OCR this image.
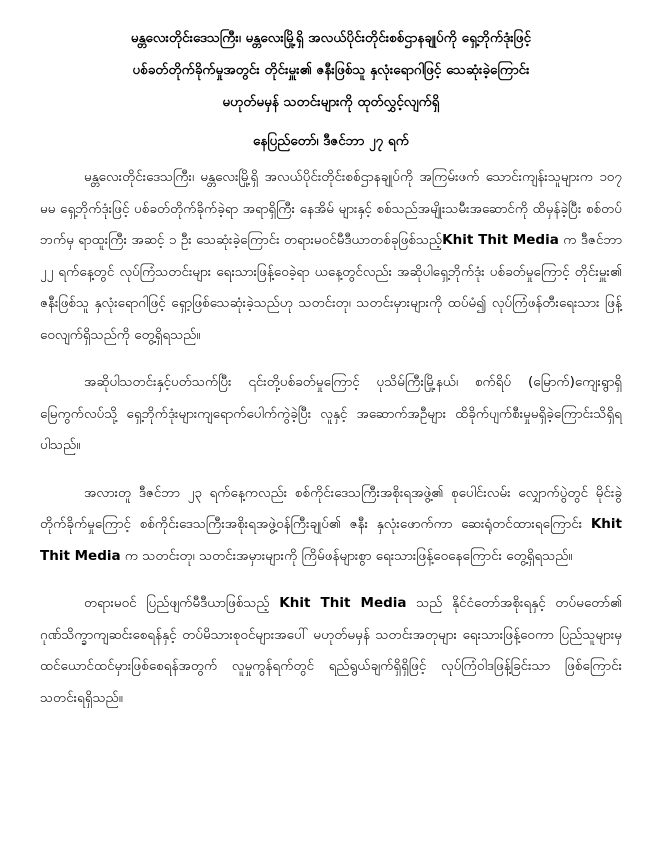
မန္တလေးတိုင်းဒေသကြီး၊ မန္တလေးမြို့ရှိ အလယ်ပိုင်းတိုင်းစစ်ဌာနချုပ်ကို ရှေ့ဘိုက်ဒုံးဖြင့်

ပစ်ခတ်တိုက်ခိုက်မှုအတွင်း တိုင်းမှူး၏ ဇနီးဖြစ်သူ နှလုံးရောဂါဖြင့် သေဆုံးခဲ့ကြောင်း

မဟုတ်မမှန် သတင်းများကို ထုတ်လွှင့်လျက်ရှိ

နေပြည်တော်၊ ဒီဇင်ဘာ ၂၇ ရက်

မန္တလေးတိုင်းဒေသကြီး၊ မန္တလေးမြို့ရှိ အလယ်ပိုင်းတိုင်းစစ်ဌာနချုပ်ကို အကြမ်းဖက် သောင်းကျန်းသူများက ၁၀၇ မမ ရှေ့ဘိုက်ဒုံးဖြင့် ပစ်ခတ်တိုက်ခိုက်ခဲ့ရာ အရာရှိကြီး နေအိမ် များနှင့် စစ်သည်အမျိုးသမီးအဆောင်ကို ထိမှန်ခဲ့ပြီး စစ်တပ်ဘက်မှ ရာထူးကြီး အဆင့် ၁ ဦး သေဆုံးခဲ့ကြောင်း တရားမဝင်မီဒီယာတစ်ခုဖြစ်သည့်Khit Thit Media က ဒီဇင်ဘာ ၂၂ ရက်နေ့တွင် လုပ်ကြံသတင်းများ ရေးသားဖြန့်ဝေခဲ့ရာ ယနေ့တွင်လည်း အဆိုပါရှေ့ဘိုက်ဒုံး ပစ်ခတ်မှုကြောင့် တိုင်းမှူး၏ ဇနီးဖြစ်သူ နှလုံးရောဂါဖြင့် ရှော့ဖြစ်သေဆုံးခဲ့သည်ဟု သတင်းတု၊ သတင်းမှားများကို ထပ်မံ၍ လုပ်ကြံဖန်တီးရေးသား ဖြန့်ဝေလျက်ရှိသည်ကို တွေ့ရှိရသည်။

အဆိုပါသတင်းနှင့်ပတ်သက်ပြီး ၎င်းတို့ပစ်ခတ်မှုကြောင့် ပုသိမ်ကြီးမြို့နယ်၊ စက်ရိပ် (မြောက်)ကျေးရွာရှိ မြေကွက်လပ်သို့ ရှေ့ဘိုက်ဒုံးများကျရောက်ပေါက်ကွဲခဲ့ပြီး လူနှင့် အဆောက်အဦများ ထိခိုက်ပျက်စီးမှုမရှိခဲ့ကြောင်းသိရှိရပါသည်။

အလားတူ ဒီဇင်ဘာ ၂၃ ရက်နေ့ကလည်း စစ်ကိုင်းဒေသကြီးအစိုးရအဖွဲ့၏ စုပေါင်းလမ်း လျှောက်ပွဲတွင် မိုင်းခွဲတိုက်ခိုက်မှုကြောင့် စစ်ကိုင်းဒေသကြီးအစိုးရအဖွဲ့ဝန်ကြီးချုပ်၏ ဇနီး နှလုံးဖောက်ကာ ဆေးရုံတင်ထားရကြောင်း Khit Thit Media က သတင်းတု၊ သတင်းအမှားများကို ကြိမ်ဖန်များစွာ ရေးသားဖြန့်ဝေနေကြောင်း တွေ့ရှိရသည်။

တရားမဝင် ပြည်ဖျက်မီဒီယာဖြစ်သည့် Khit Thit Media သည် နိုင်ငံတော်အစိုးရနှင့် တပ်မတော်၏ ဂုဏ်သိက္ခာကျဆင်းစေရန်နှင့် တပ်မိသားစုဝင်များအပေါ် မဟုတ်မမှန် သတင်းအတုများ ရေးသားဖြန့်ဝေကာ ပြည်သူများမှ ထင်ယောင်ထင်မှားဖြစ်စေရန်အတွက် လူမှုကွန်ရက်တွင် ရည်ရွယ်ချက်ရှိရှိဖြင့် လုပ်ကြံဝါဒဖြန့်ခြင်းသာ ဖြစ်ကြောင်း သတင်းရရှိသည်။
